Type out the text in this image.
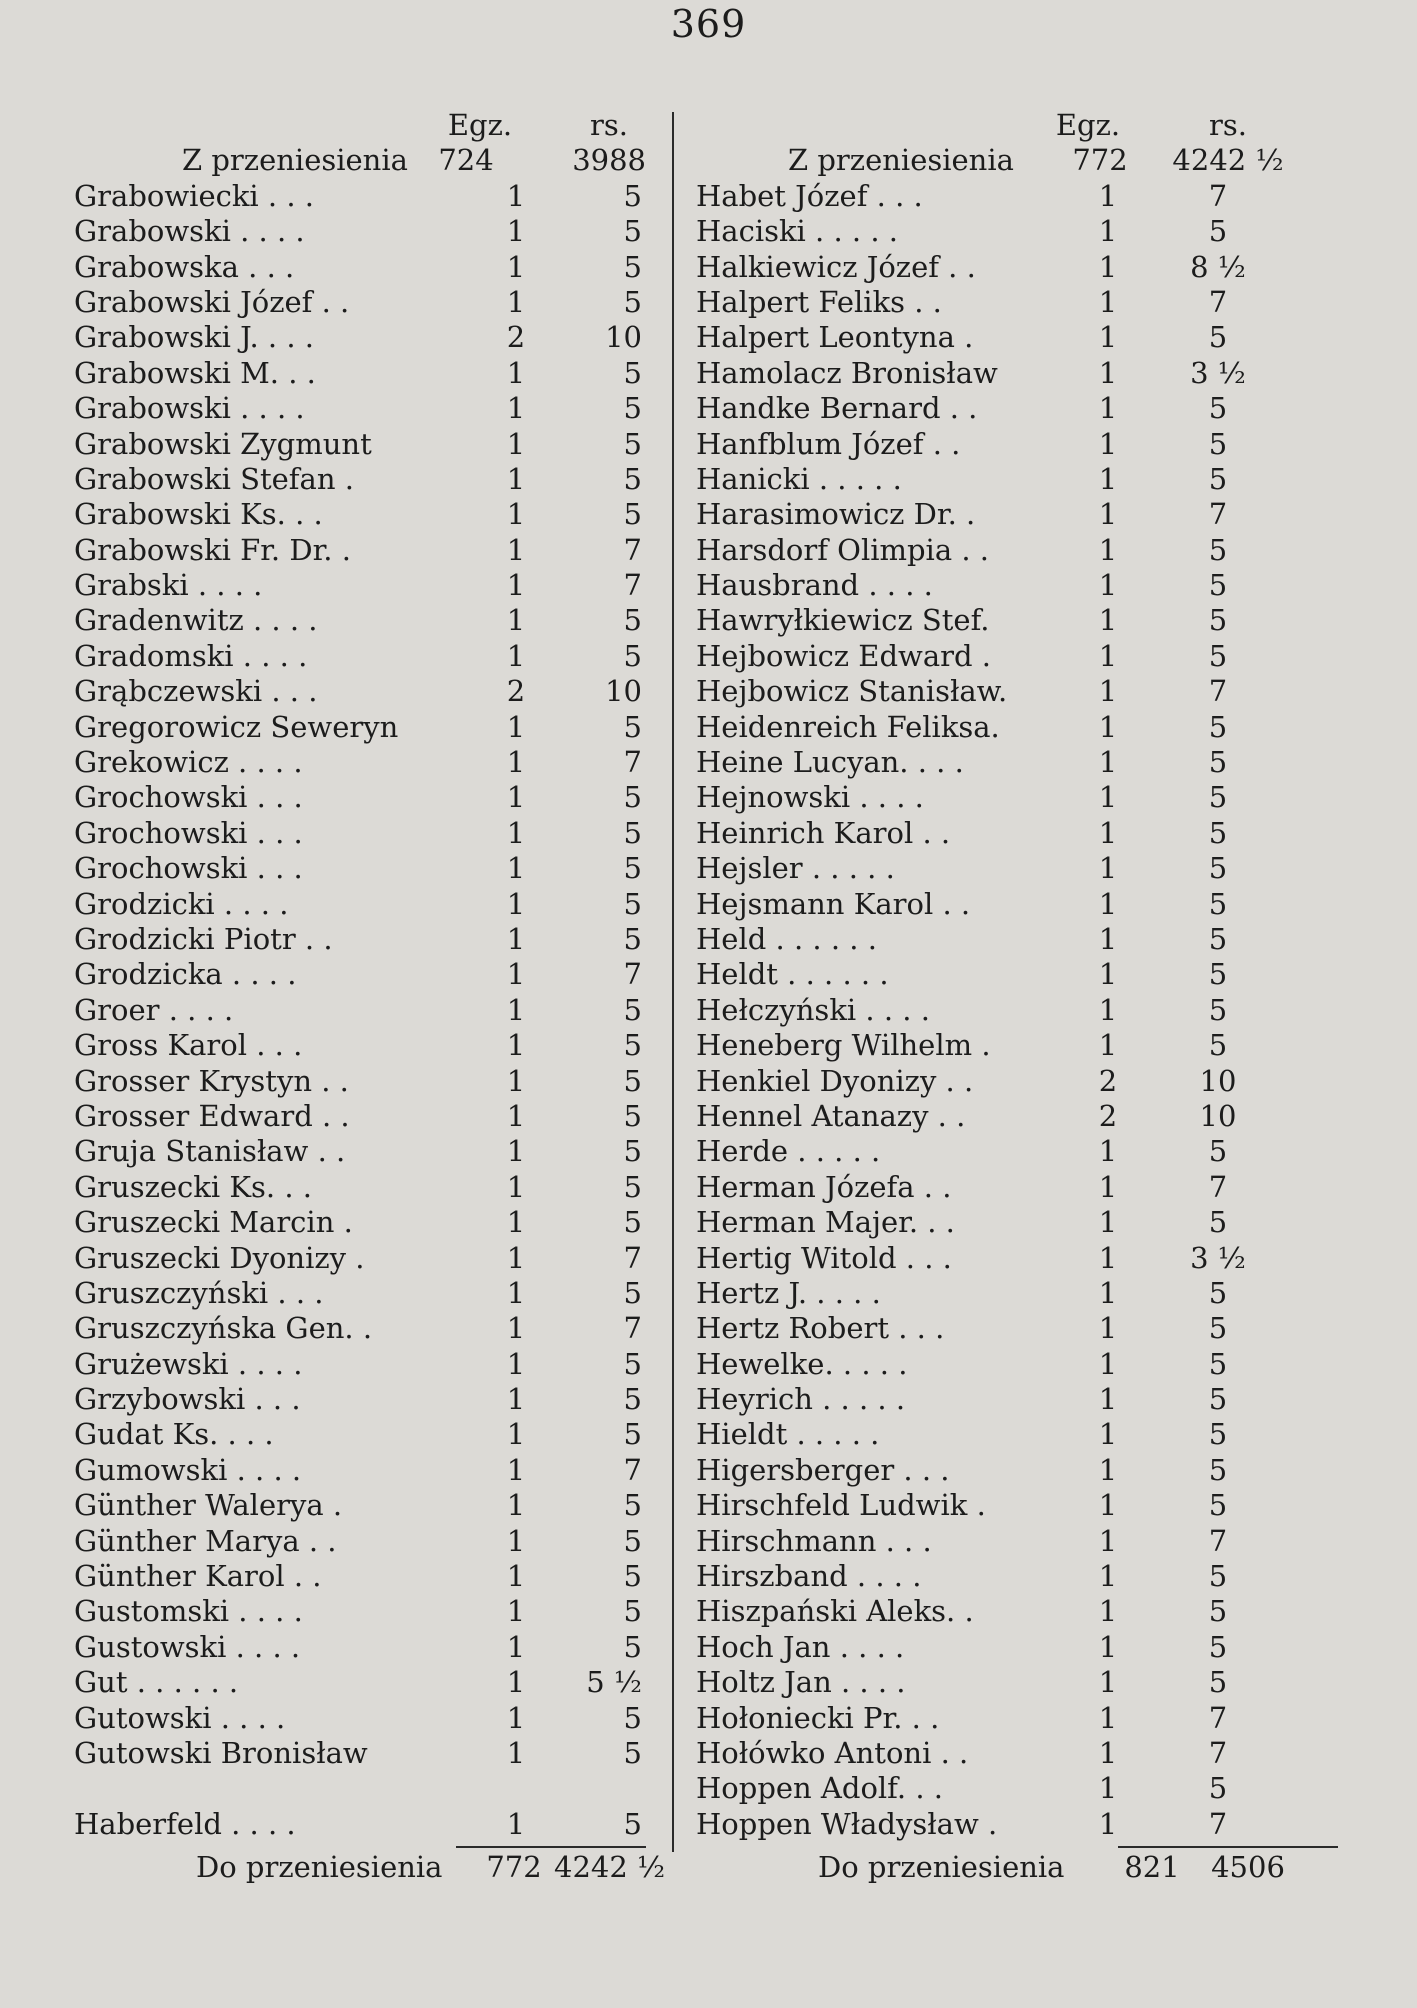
369
Egz.	rs.
Z przeniesienia	724	3988
Grabowiecki . . .	1	5
Grabowski . . . .	1	5
Grabowska . . .	1	5
Grabowski Józef . .	1	5
Grabowski J. . . .	2	10
Grabowski M. . .	1	5
Grabowski . . . .	1	5
Grabowski Zygmunt	1	5
Grabowski Stefan .	1	5
Grabowski Ks. . .	1	5
Grabowski Fr. Dr. .	1	7
Grabski . . . .	1	7
Gradenwitz . . . .	1	5
Gradomski . . . .	1	5
Grąbczewski . . .	2	10
Gregorowicz Seweryn	1	5
Grekowicz . . . .	1	7
Grochowski . . .	1	5
Grochowski . . .	1	5
Grochowski . . .	1	5
Grodzicki . . . .	1	5
Grodzicki Piotr . .	1	5
Grodzicka . . . .	1	7
Groer . . . .	1	5
Gross Karol . . .	1	5
Grosser Krystyn . .	1	5
Grosser Edward . .	1	5
Gruja Stanisław . .	1	5
Gruszecki Ks. . .	1	5
Gruszecki Marcin .	1	5
Gruszecki Dyonizy .	1	7
Gruszczyński . . .	1	5
Gruszczyńska Gen. .	1	7
Grużewski . . . .	1	5
Grzybowski . . .	1	5
Gudat Ks. . . .	1	5
Gumowski . . . .	1	7
Günther Walerya .	1	5
Günther Marya . .	1	5
Günther Karol . .	1	5
Gustomski . . . .	1	5
Gustowski . . . .	1	5
Gut . . . . . .	1	5 ½
Gutowski . . . .	1	5
Gutowski Bronisław	1	5
Haberfeld . . . .	1	5
Do przeniesienia	772 4242 ½
Egz.	rs.
Z przeniesienia	772	4242 ½
Habet Józef . . .	1	7
Haciski . . . . .	1	5
Halkiewicz Józef . .	1	8 ½
Halpert Feliks . .	1	7
Halpert Leontyna .	1	5
Hamolacz Bronisław	1	3 ½
Handke Bernard . .	1	5
Hanfblum Józef . .	1	5
Hanicki . . . . .	1	5
Harasimowicz Dr. .	1	7
Harsdorf Olimpia . .	1	5
Hausbrand . . . .	1	5
Hawryłkiewicz Stef.	1	5
Hejbowicz Edward .	1	5
Hejbowicz Stanisław.	1	7
Heidenreich Feliksa.	1	5
Heine Lucyan. . . .	1	5
Hejnowski . . . .	1	5
Heinrich Karol . .	1	5
Hejsler . . . . .	1	5
Hejsmann Karol . .	1	5
Held . . . . . .	1	5
Heldt . . . . . .	1	5
Hełczyński . . . .	1	5
Heneberg Wilhelm .	1	5
Henkiel Dyonizy . .	2	10
Hennel Atanazy . .	2	10
Herde . . . . .	1	5
Herman Józefa . .	1	7
Herman Majer. . .	1	5
Hertig Witold . . .	1	3 ½
Hertz J. . . . .	1	5
Hertz Robert . . .	1	5
Hewelke. . . . .	1	5
Heyrich . . . . .	1	5
Hieldt . . . . .	1	5
Higersberger . . .	1	5
Hirschfeld Ludwik .	1	5
Hirschmann . . .	1	7
Hirszband . . . .	1	5
Hiszpański Aleks. .	1	5
Hoch Jan . . . .	1	5
Holtz Jan . . . .	1	5
Hołoniecki Pr. . .	1	7
Hołówko Antoni . .	1	7
Hoppen Adolf. . .	1	5
Hoppen Władysław .	1	7
Do przeniesienia	821	4506
